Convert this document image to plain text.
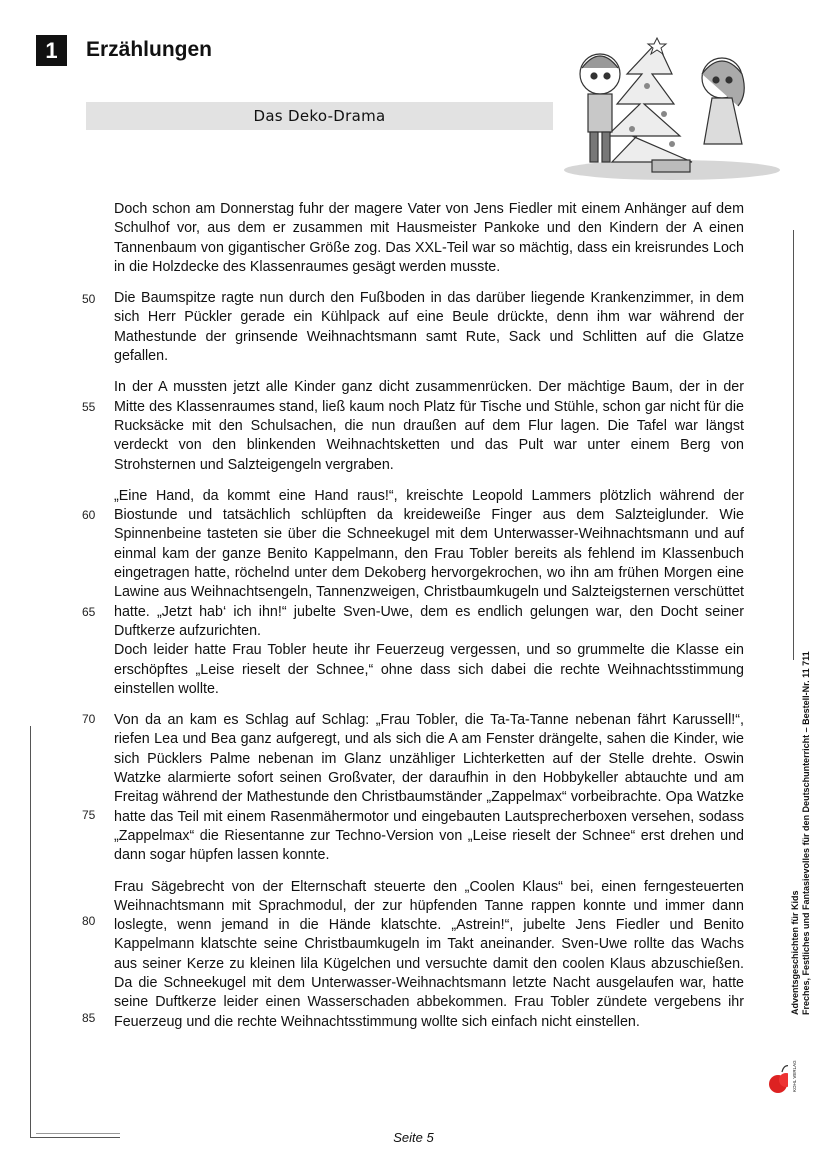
1	Erzählungen
Das Deko-Drama

Doch schon am Donnerstag fuhr der magere Vater von Jens Fiedler mit einem Anhänger auf dem Schulhof vor, aus dem er zusammen mit Hausmeister Pankoke und den Kindern der A einen Tannenbaum von gigantischer Größe zog. Das XXL-Teil war so mächtig, dass ein kreisrundes Loch in die Holzdecke des Klassenraumes gesägt werden musste.

Die Baumspitze ragte nun durch den Fußboden in das darüber liegende Krankenzimmer, in dem sich Herr Pückler gerade ein Kühlpack auf eine Beule drückte, denn ihm war während der Mathestunde der grinsende Weihnachtsmann samt Rute, Sack und Schlitten auf die Glatze gefallen.

In der A mussten jetzt alle Kinder ganz dicht zusammenrücken. Der mächtige Baum, der in der Mitte des Klassenraumes stand, ließ kaum noch Platz für Tische und Stühle, schon gar nicht für die Rucksäcke mit den Schulsachen, die nun draußen auf dem Flur lagen. Die Tafel war längst verdeckt von den blinkenden Weihnachtsketten und das Pult war unter einem Berg von Strohsternen und Salzteigengeln vergraben.

„Eine Hand, da kommt eine Hand raus!“, kreischte Leopold Lammers plötzlich während der Biostunde und tatsächlich schlüpften da kreideweiße Finger aus dem Salzteiglunder. Wie Spinnenbeine tasteten sie über die Schneekugel mit dem Unterwasser-Weihnachtsmann und auf einmal kam der ganze Benito Kappelmann, den Frau Tobler bereits als fehlend im Klassenbuch eingetragen hatte, röchelnd unter dem Dekoberg hervorgekrochen, wo ihn am frühen Morgen eine Lawine aus Weihnachtsengeln, Tannenzweigen, Christbaumkugeln und Salzteigsternen verschüttet hatte. „Jetzt hab‘ ich ihn!“ jubelte Sven-Uwe, dem es endlich gelungen war, den Docht seiner Duftkerze aufzurichten.
Doch leider hatte Frau Tobler heute ihr Feuerzeug vergessen, und so grummelte die Klasse ein erschöpftes „Leise rieselt der Schnee,“ ohne dass sich dabei die rechte Weihnachtsstimmung einstellen wollte.

Von da an kam es Schlag auf Schlag: „Frau Tobler, die Ta-Ta-Tanne nebenan fährt Karussell!“, riefen Lea und Bea ganz aufgeregt, und als sich die A am Fenster drängelte, sahen die Kinder, wie sich Pücklers Palme nebenan im Glanz unzähliger Lichterketten auf der Stelle drehte. Oswin Watzke alarmierte sofort seinen Großvater, der daraufhin in den Hobbykeller abtauchte und am Freitag während der Mathestunde den Christbaumständer „Zappelmax“ vorbeibrachte. Opa Watzke hatte das Teil mit einem Rasenmähermotor und eingebauten Lautsprecherboxen versehen, sodass „Zappelmax“ die Riesentanne zur Techno-Version von „Leise rieselt der Schnee“ erst drehen und dann sogar hüpfen lassen konnte.

Frau Sägebrecht von der Elternschaft steuerte den „Coolen Klaus“ bei, einen ferngesteuerten Weihnachtsmann mit Sprachmodul, der zur hüpfenden Tanne rappen konnte und immer dann loslegte, wenn jemand in die Hände klatschte. „Astrein!“, jubelte Jens Fiedler und Benito Kappelmann klatschte seine Christbaumkugeln im Takt aneinander. Sven-Uwe rollte das Wachs aus seiner Kerze zu kleinen lila Kügelchen und versuchte damit den coolen Klaus abzuschießen. Da die Schneekugel mit dem Unterwasser-Weihnachtsmann letzte Nacht ausgelaufen war, hatte seine Duftkerze leider einen Wasserschaden abbekommen. Frau Tobler zündete vergebens ihr Feuerzeug und die rechte Weihnachtsstimmung wollte sich einfach nicht einstellen.

50
55
60
65
70
75
80
85
Adventsgeschichten für Kids Freches, Festliches und Fantasievolles für den Deutschunterricht – Bestell-Nr. 11 711
KOHL VERLAG
Seite 5
